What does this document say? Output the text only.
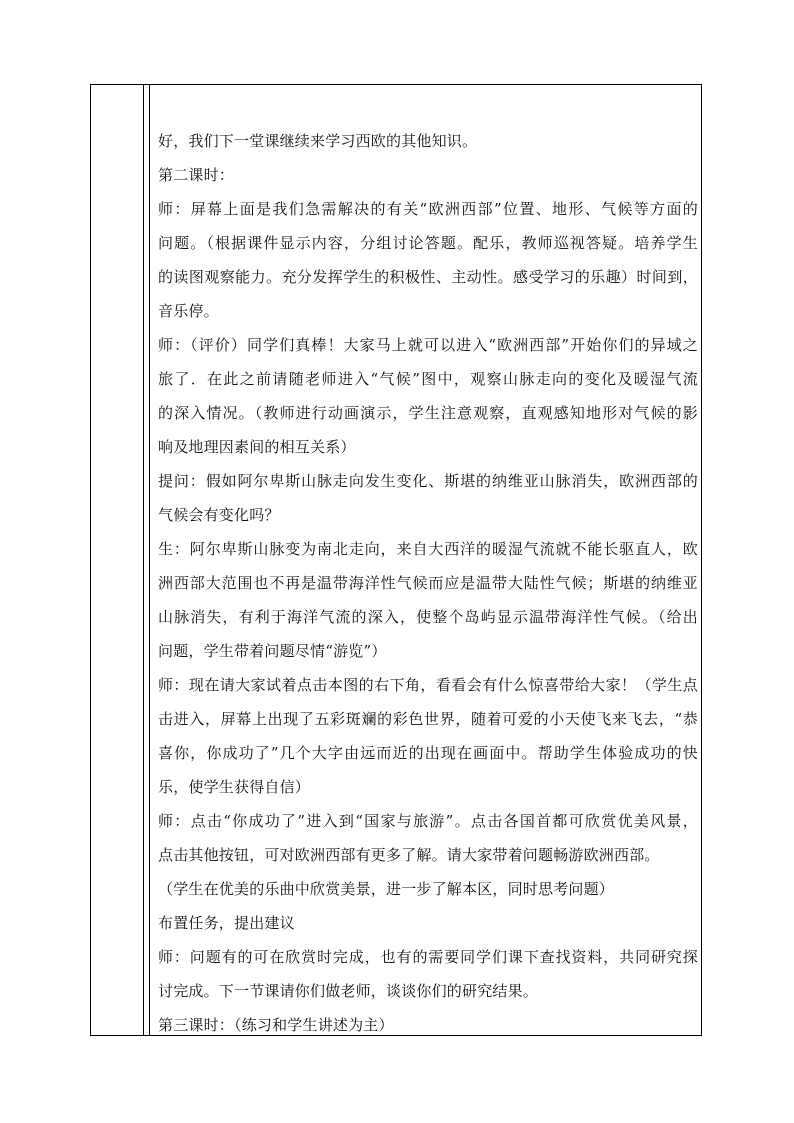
好，我们下一堂课继续来学习西欧的其他知识。
第二课时：
师：屏幕上面是我们急需解决的有关“欧洲西部”位置、地形、气候等方面的
问题。（根据课件显示内容，分组讨论答题。配乐，教师巡视答疑。培养学生
的读图观察能力。充分发挥学生的积极性、主动性。感受学习的乐趣）时间到，
音乐停。
师：（评价）同学们真棒！大家马上就可以进入“欧洲西部”开始你们的异域之
旅了．在此之前请随老师进入“气候”图中，观察山脉走向的变化及暖湿气流
的深入情况。（教师进行动画演示，学生注意观察，直观感知地形对气候的影
响及地理因素间的相互关系）
提问：假如阿尔卑斯山脉走向发生变化、斯堪的纳维亚山脉消失，欧洲西部的
气候会有变化吗？
生：阿尔卑斯山脉变为南北走向，来自大西洋的暖湿气流就不能长驱直人，欧
洲西部大范围也不再是温带海洋性气候而应是温带大陆性气候；斯堪的纳维亚
山脉消失，有利于海洋气流的深入，使整个岛屿显示温带海洋性气候。（给出
问题，学生带着问题尽情“游览”）
师：现在请大家试着点击本图的右下角，看看会有什么惊喜带给大家！（学生点
击进入，屏幕上出现了五彩斑斓的彩色世界，随着可爱的小天使飞来飞去，“恭
喜你，你成功了”几个大字由远而近的出现在画面中。帮助学生体验成功的快
乐，使学生获得自信）
师：点击“你成功了”进入到“国家与旅游”。点击各国首都可欣赏优美风景，
点击其他按钮，可对欧洲西部有更多了解。请大家带着问题畅游欧洲西部。
（学生在优美的乐曲中欣赏美景，进一步了解本区，同时思考问题）
布置任务，提出建议
师：问题有的可在欣赏时完成，也有的需要同学们课下查找资料，共同研究探
讨完成。下一节课请你们做老师，谈谈你们的研究结果。
第三课时：（练习和学生讲述为主）
